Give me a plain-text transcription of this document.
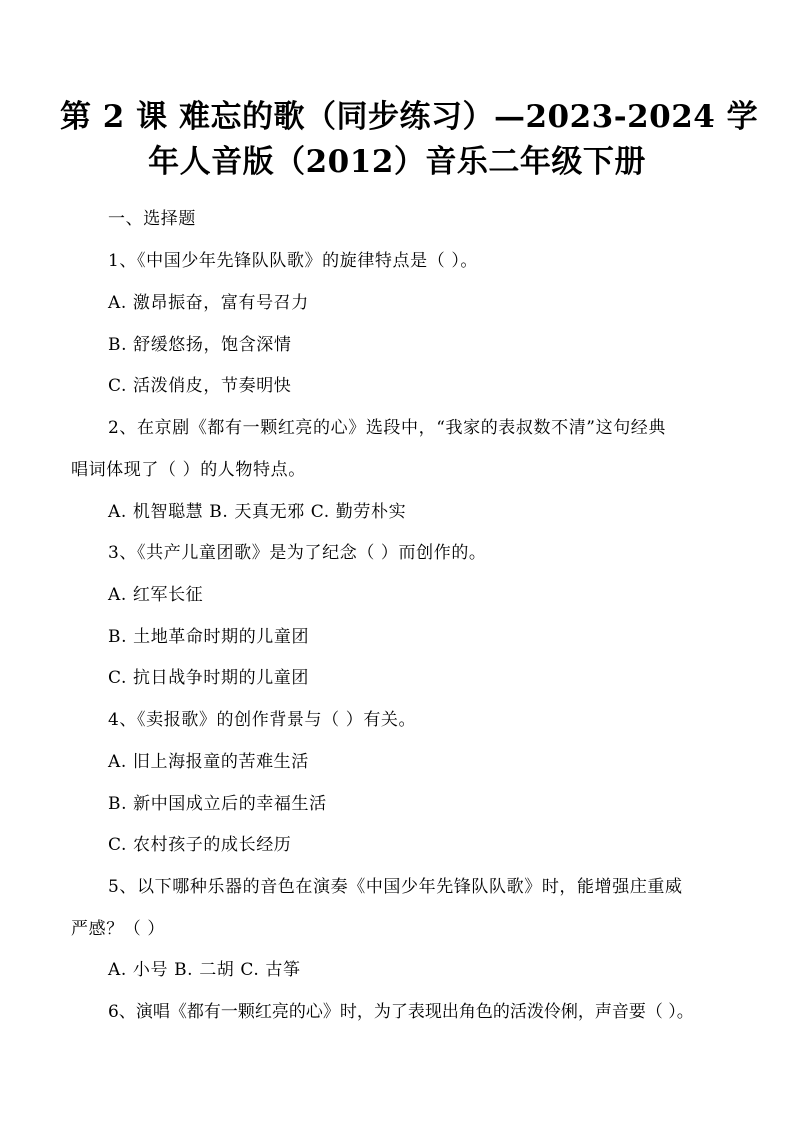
第 2 课 难忘的歌（同步练习）—2023-2024 学
年人音版（2012）音乐二年级下册
一、选择题
1、《中国少年先锋队队歌》的旋律特点是（ ）。
A. 激昂振奋，富有号召力
B. 舒缓悠扬，饱含深情
C. 活泼俏皮，节奏明快
2、在京剧《都有一颗红亮的心》选段中，“我家的表叔数不清”这句经典
唱词体现了（ ）的人物特点。
A. 机智聪慧 B. 天真无邪 C. 勤劳朴实
3、《共产儿童团歌》是为了纪念（ ）而创作的。
A. 红军长征
B. 土地革命时期的儿童团
C. 抗日战争时期的儿童团
4、《卖报歌》的创作背景与（ ）有关。
A. 旧上海报童的苦难生活
B. 新中国成立后的幸福生活
C. 农村孩子的成长经历
5、以下哪种乐器的音色在演奏《中国少年先锋队队歌》时，能增强庄重威
严感？（ ）
A. 小号 B. 二胡 C. 古筝
6、演唱《都有一颗红亮的心》时，为了表现出角色的活泼伶俐，声音要（ ）。
